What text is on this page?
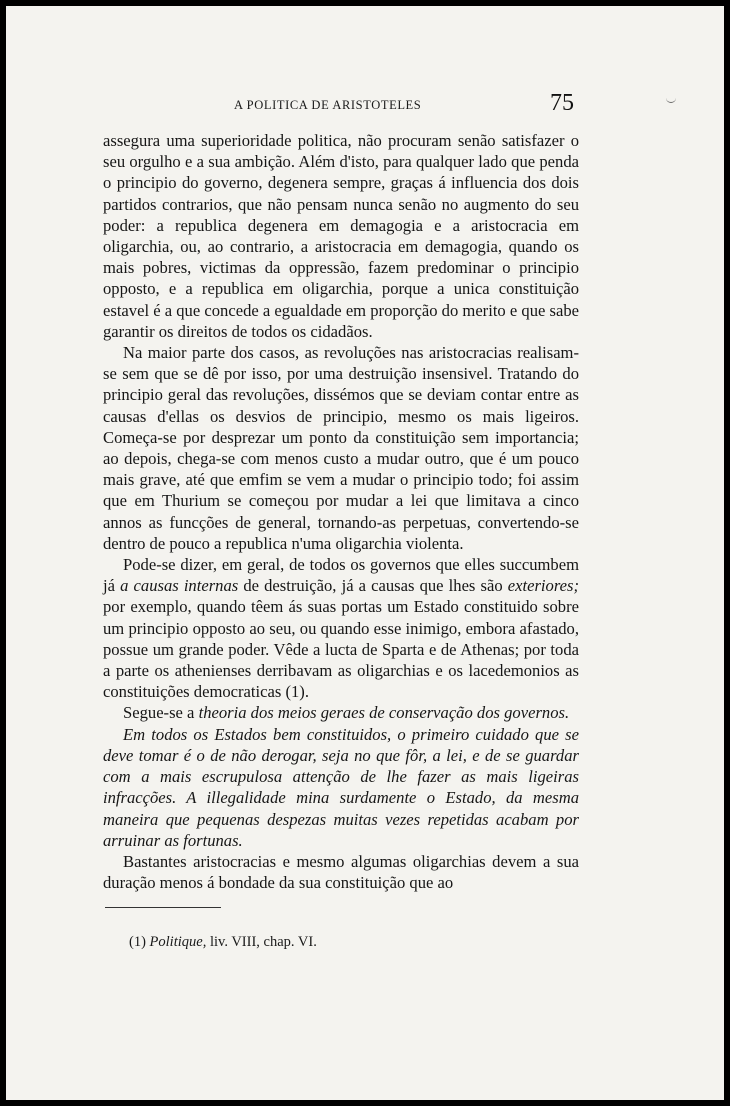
A POLITICA DE ARISTOTELES	75

assegura uma superioridade politica, não procuram senão satisfazer o seu orgulho e a sua ambição. Além d'isto, para qualquer lado que penda o principio do governo, degenera sempre, graças á influencia dos dois partidos contrarios, que não pensam nunca senão no augmento do seu poder: a republica degenera em demagogia e a aristocracia em oligarchia, ou, ao contrario, a aristocracia em demagogia, quando os mais pobres, victimas da oppressão, fazem predominar o principio opposto, e a republica em oligarchia, porque a unica constituição estavel é a que concede a egualdade em proporção do merito e que sabe garantir os direitos de todos os cidadãos.

Na maior parte dos casos, as revoluções nas aristocracias realisam-se sem que se dê por isso, por uma destruição insensivel. Tratando do principio geral das revoluções, dissémos que se deviam contar entre as causas d'ellas os desvios de principio, mesmo os mais ligeiros. Começa-se por desprezar um ponto da constituição sem importancia; ao depois, chega-se com menos custo a mudar outro, que é um pouco mais grave, até que emfim se vem a mudar o principio todo; foi assim que em Thurium se começou por mudar a lei que limitava a cinco annos as funcções de general, tornando-as perpetuas, convertendo-se dentro de pouco a republica n'uma oligarchia violenta.

Pode-se dizer, em geral, de todos os governos que elles succumbem já a causas internas de destruição, já a causas que lhes são exteriores; por exemplo, quando têem ás suas portas um Estado constituido sobre um principio opposto ao seu, ou quando esse inimigo, embora afastado, possue um grande poder. Vêde a lucta de Sparta e de Athenas; por toda a parte os athenienses derribavam as oligarchias e os lacedemonios as constituições democraticas (1).

Segue-se a theoria dos meios geraes de conservação dos governos.

Em todos os Estados bem constituidos, o primeiro cuidado que se deve tomar é o de não derogar, seja no que fôr, a lei, e de se guardar com a mais escrupulosa attenção de lhe fazer as mais ligeiras infracções. A illegalidade mina surdamente o Estado, da mesma maneira que pequenas despezas muitas vezes repetidas acabam por arruinar as fortunas.

Bastantes aristocracias e mesmo algumas oligarchias devem a sua duração menos á bondade da sua constituição que ao

(1) Politique, liv. VIII, chap. VI.
